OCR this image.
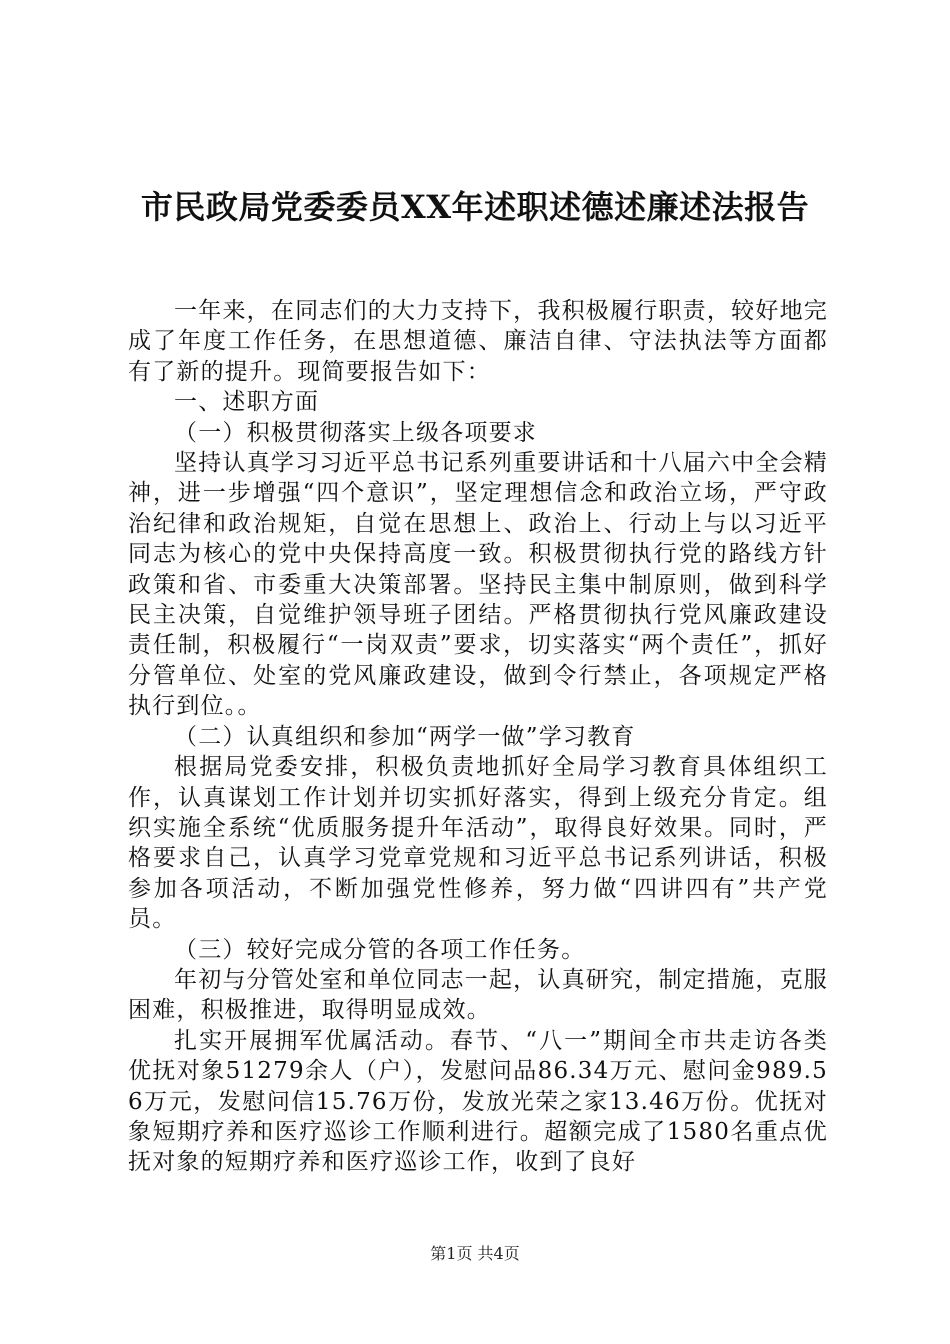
市民政局党委委员XX年述职述德述廉述法报告

一年来，在同志们的大力支持下，我积极履行职责，较好地完成了年度工作任务，在思想道德、廉洁自律、守法执法等方面都有了新的提升。现简要报告如下：

一、述职方面

（一）积极贯彻落实上级各项要求

坚持认真学习习近平总书记系列重要讲话和十八届六中全会精神，进一步增强“四个意识”，坚定理想信念和政治立场，严守政治纪律和政治规矩，自觉在思想上、政治上、行动上与以习近平同志为核心的党中央保持高度一致。积极贯彻执行党的路线方针政策和省、市委重大决策部署。坚持民主集中制原则，做到科学民主决策，自觉维护领导班子团结。严格贯彻执行党风廉政建设责任制，积极履行“一岗双责”要求，切实落实“两个责任”，抓好分管单位、处室的党风廉政建设，做到令行禁止，各项规定严格执行到位。。

（二）认真组织和参加“两学一做”学习教育

根据局党委安排，积极负责地抓好全局学习教育具体组织工作，认真谋划工作计划并切实抓好落实，得到上级充分肯定。组织实施全系统“优质服务提升年活动”，取得良好效果。同时，严格要求自己，认真学习党章党规和习近平总书记系列讲话，积极参加各项活动，不断加强党性修养，努力做“四讲四有”共产党员。

（三）较好完成分管的各项工作任务。

年初与分管处室和单位同志一起，认真研究，制定措施，克服困难，积极推进，取得明显成效。

扎实开展拥军优属活动。春节、“八一”期间全市共走访各类优抚对象51279余人（户），发慰问品86.34万元、慰问金989.56万元，发慰问信15.76万份，发放光荣之家13.46万份。优抚对象短期疗养和医疗巡诊工作顺利进行。超额完成了1580名重点优抚对象的短期疗养和医疗巡诊工作，收到了良好

第1页 共4页
